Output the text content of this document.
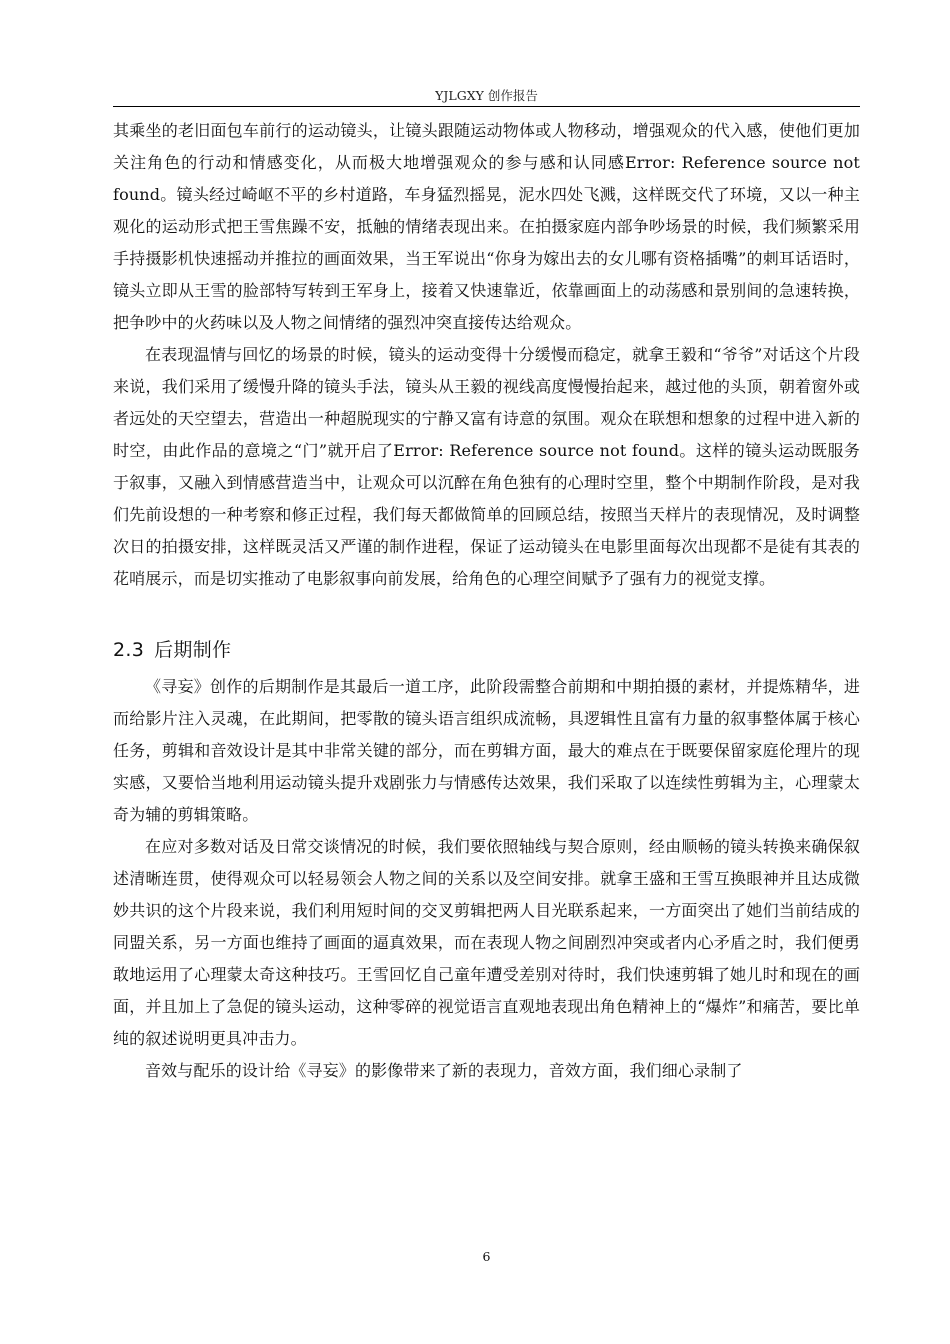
YJLGXY 创作报告

其乘坐的老旧面包车前行的运动镜头，让镜头跟随运动物体或人物移动，增强观众的代入感，使他们更加关注角色的行动和情感变化，从而极大地增强观众的参与感和认同感Error: Reference source not found。镜头经过崎岖不平的乡村道路，车身猛烈摇晃，泥水四处飞溅，这样既交代了环境，又以一种主观化的运动形式把王雪焦躁不安，抵触的情绪表现出来。在拍摄家庭内部争吵场景的时候，我们频繁采用手持摄影机快速摇动并推拉的画面效果，当王军说出“你身为嫁出去的女儿哪有资格插嘴”的刺耳话语时，镜头立即从王雪的脸部特写转到王军身上，接着又快速靠近，依靠画面上的动荡感和景别间的急速转换，把争吵中的火药味以及人物之间情绪的强烈冲突直接传达给观众。

在表现温情与回忆的场景的时候，镜头的运动变得十分缓慢而稳定，就拿王毅和“爷爷”对话这个片段来说，我们采用了缓慢升降的镜头手法，镜头从王毅的视线高度慢慢抬起来，越过他的头顶，朝着窗外或者远处的天空望去，营造出一种超脱现实的宁静又富有诗意的氛围。观众在联想和想象的过程中进入新的 时空，由此作品的意境之“门”就开启了Error: Reference source not found。这样的镜头运动既服务于叙事，又融入到情感营造当中，让观众可以沉醉在角色独有的心理时空里，整个中期制作阶段，是对我们先前设想的一种考察和修正过程，我们每天都做简单的回顾总结，按照当天样片的表现情况，及时调整次日的拍摄安排，这样既灵活又严谨的制作进程，保证了运动镜头在电影里面每次出现都不是徒有其表的花哨展示，而是切实推动了电影叙事向前发展，给角色的心理空间赋予了强有力的视觉支撑。

2.3 后期制作

《寻妄》创作的后期制作是其最后一道工序，此阶段需整合前期和中期拍摄的素材，并提炼精华，进而给影片注入灵魂，在此期间，把零散的镜头语言组织成流畅，具逻辑性且富有力量的叙事整体属于核心任务，剪辑和音效设计是其中非常关键的部分，而在剪辑方面，最大的难点在于既要保留家庭伦理片的现实感，又要恰当地利用运动镜头提升戏剧张力与情感传达效果，我们采取了以连续性剪辑为主，心理蒙太奇为辅的剪辑策略。

在应对多数对话及日常交谈情况的时候，我们要依照轴线与契合原则，经由顺畅的镜头转换来确保叙述清晰连贯，使得观众可以轻易领会人物之间的关系以及空间安排。就拿王盛和王雪互换眼神并且达成微妙共识的这个片段来说，我们利用短时间的交叉剪辑把两人目光联系起来，一方面突出了她们当前结成的同盟关系，另一方面也维持了画面的逼真效果，而在表现人物之间剧烈冲突或者内心矛盾之时，我们便勇敢地运用了心理蒙太奇这种技巧。王雪回忆自己童年遭受差别对待时，我们快速剪辑了她儿时和现在的画面，并且加上了急促的镜头运动，这种零碎的视觉语言直观地表现出角色精神上的“爆炸”和痛苦，要比单纯的叙述说明更具冲击力。

音效与配乐的设计给《寻妄》的影像带来了新的表现力，音效方面，我们细心录制了

6
